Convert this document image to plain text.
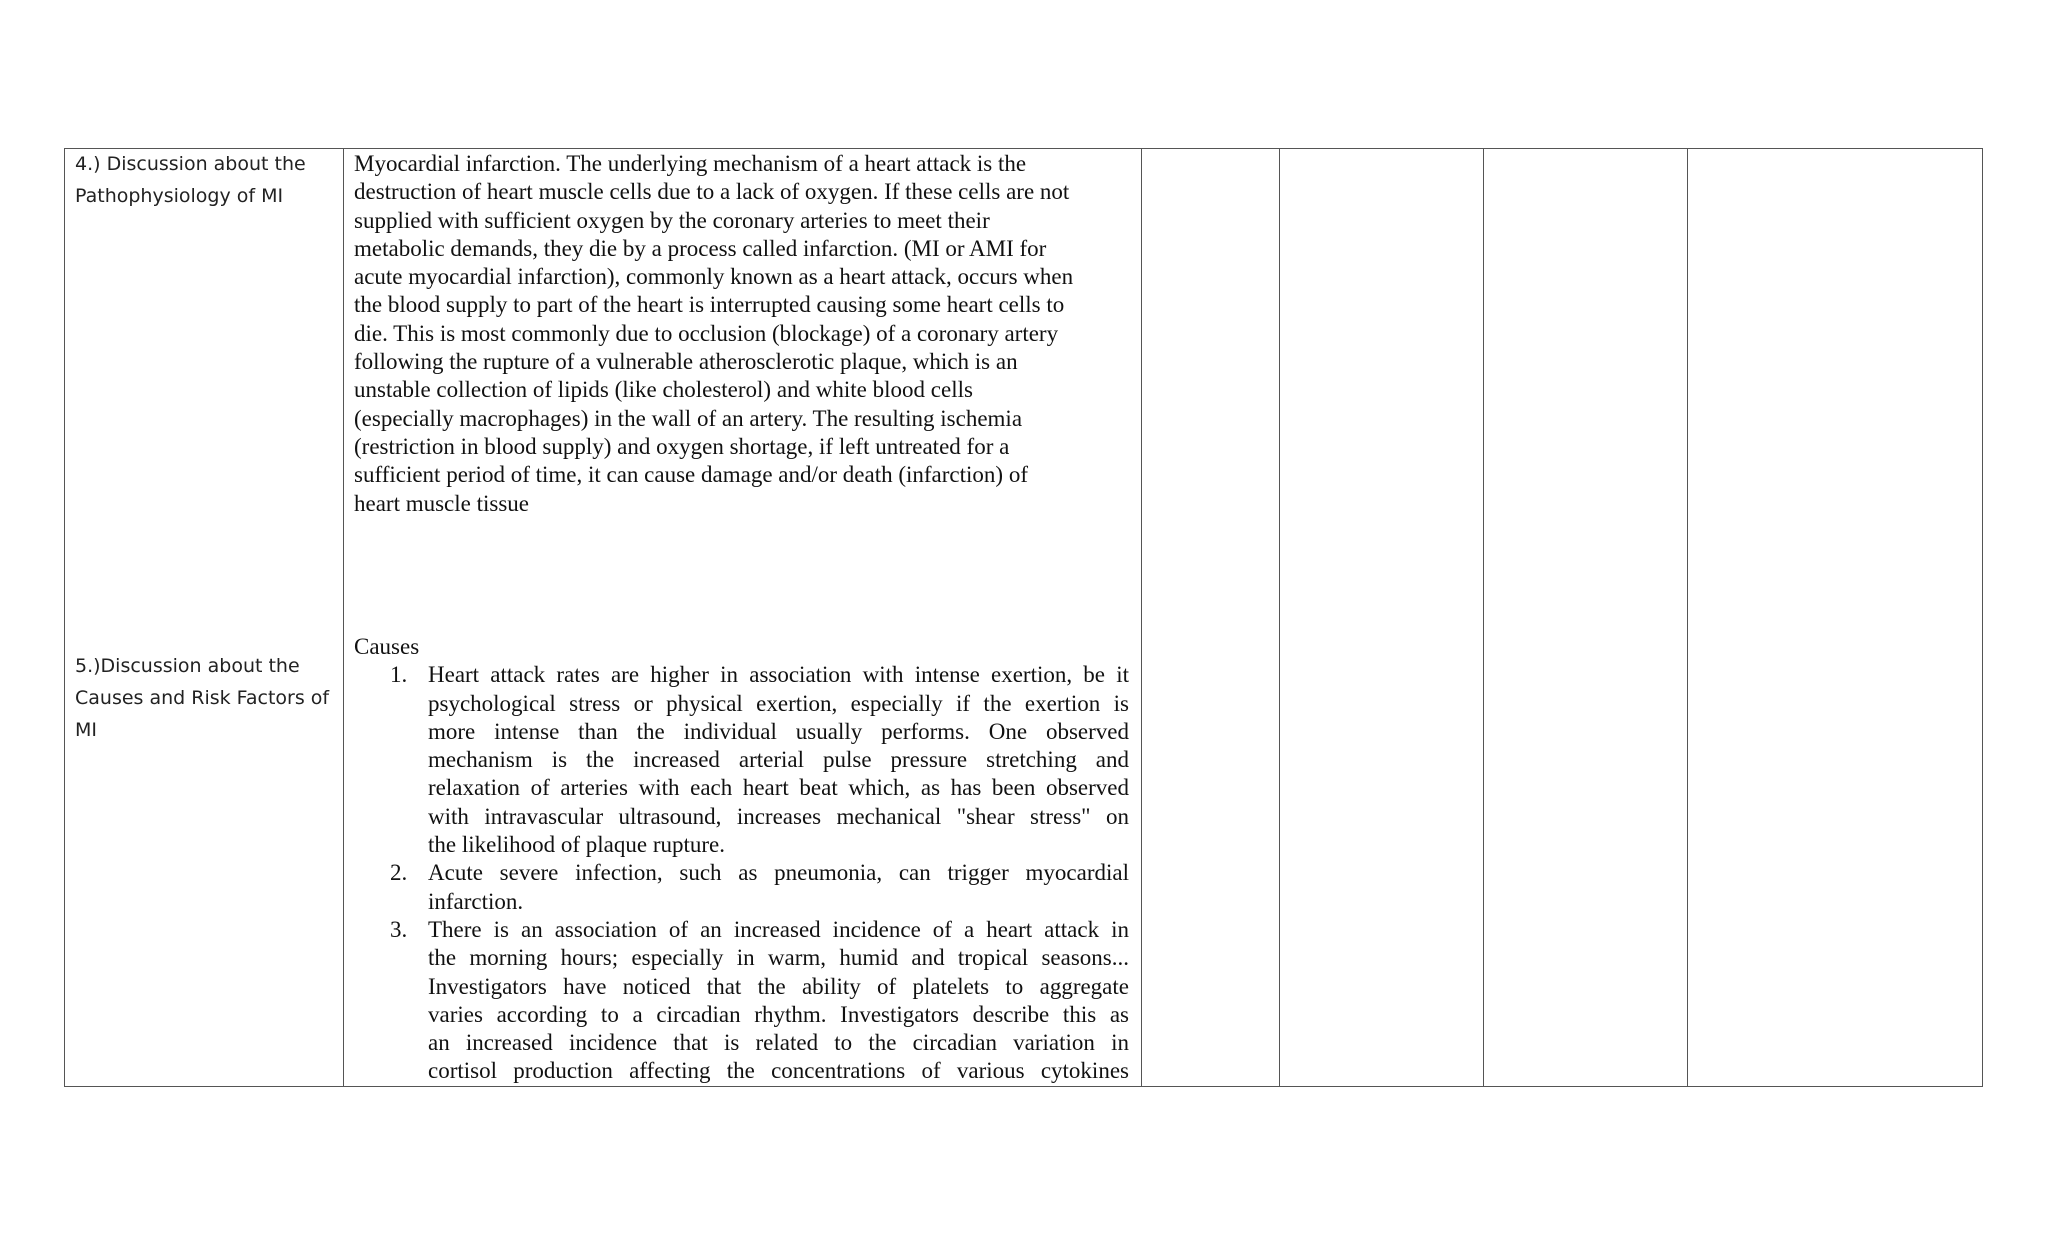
4.) Discussion about the
Pathophysiology of MI
Myocardial infarction. The underlying mechanism of a heart attack is the
destruction of heart muscle cells due to a lack of oxygen. If these cells are not
supplied with sufficient oxygen by the coronary arteries to meet their
metabolic demands, they die by a process called infarction. (MI or AMI for
acute myocardial infarction), commonly known as a heart attack, occurs when
the blood supply to part of the heart is interrupted causing some heart cells to
die. This is most commonly due to occlusion (blockage) of a coronary artery
following the rupture of a vulnerable atherosclerotic plaque, which is an
unstable collection of lipids (like cholesterol) and white blood cells
(especially macrophages) in the wall of an artery. The resulting ischemia
(restriction in blood supply) and oxygen shortage, if left untreated for a
sufficient period of time, it can cause damage and/or death (infarction) of
heart muscle tissue
5.)Discussion about the
Causes and Risk Factors of
MI
Causes
1. Heart attack rates are higher in association with intense exertion, be it
psychological stress or physical exertion, especially if the exertion is
more intense than the individual usually performs. One observed
mechanism is the increased arterial pulse pressure stretching and
relaxation of arteries with each heart beat which, as has been observed
with intravascular ultrasound, increases mechanical "shear stress" on
the likelihood of plaque rupture.
2. Acute severe infection, such as pneumonia, can trigger myocardial
infarction.
3. There is an association of an increased incidence of a heart attack in
the morning hours; especially in warm, humid and tropical seasons...
Investigators have noticed that the ability of platelets to aggregate
varies according to a circadian rhythm. Investigators describe this as
an increased incidence that is related to the circadian variation in
cortisol production affecting the concentrations of various cytokines
